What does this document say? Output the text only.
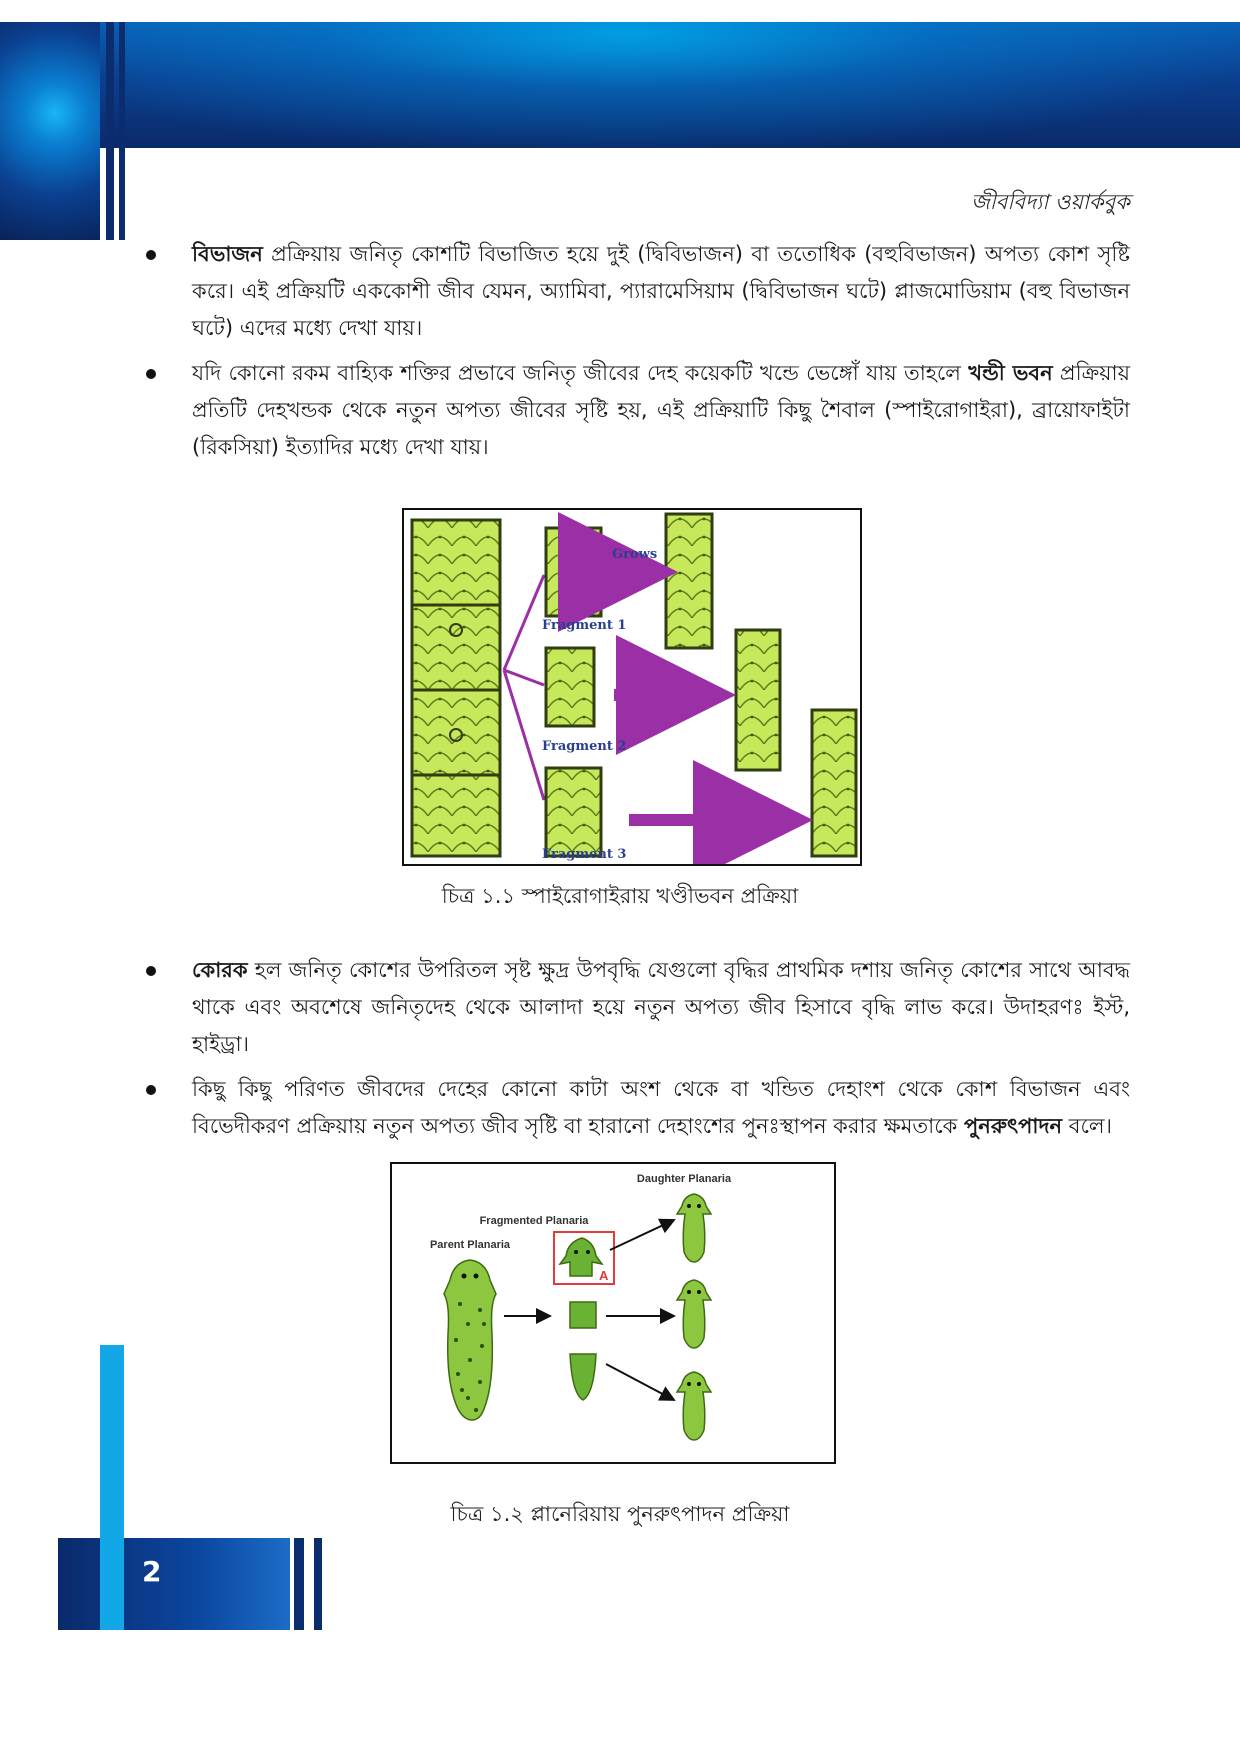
জীববিদ্যা ওয়ার্কবুক
বিভাজন প্রক্রিয়ায় জনিতৃ কোশটি বিভাজিত হয়ে দুই (দ্বিবিভাজন) বা ততোধিক (বহুবিভাজন) অপত্য কোশ সৃষ্টি করে। এই প্রক্রিয়টি এককোশী জীব যেমন, অ্যামিবা, প্যারামেসিয়াম (দ্বিবিভাজন ঘটে) প্লাজমোডিয়াম (বহু বিভাজন ঘটে) এদের মধ্যে দেখা যায়।
যদি কোনো রকম বাহ্যিক শক্তির প্রভাবে জনিতৃ জীবের দেহ কয়েকটি খন্ডে ভেঙ্গোঁ যায় তাহলে খন্ডী ভবন প্রক্রিয়ায় প্রতিটি দেহখন্ডক থেকে নতুন অপত্য জীবের সৃষ্টি হয়, এই প্রক্রিয়াটি কিছু শৈবাল (স্পাইরোগাইরা), ব্রায়োফাইটা (রিকসিয়া) ইত্যাদির মধ্যে দেখা যায়।
Grows
Fragment 1
Fragment 2
Fragment 3
চিত্র ১.১ স্পাইরোগাইরায় খণ্ডীভবন প্রক্রিয়া
কোরক হল জনিতৃ কোশের উপরিতল সৃষ্ট ক্ষুদ্র উপবৃদ্ধি যেগুলো বৃদ্ধির প্রাথমিক দশায় জনিতৃ কোশের সাথে আবদ্ধ থাকে এবং অবশেষে জনিতৃদেহ থেকে আলাদা হয়ে নতুন অপত্য জীব হিসাবে বৃদ্ধি লাভ করে। উদাহরণঃ ইস্ট, হাইড্রা।
কিছু কিছু পরিণত জীবদের দেহের কোনো কাটা অংশ থেকে বা খন্ডিত দেহাংশ থেকে কোশ বিভাজন এবং বিভেদীকরণ প্রক্রিয়ায় নতুন অপত্য জীব সৃষ্টি বা হারানো দেহাংশের পুনঃস্থাপন করার ক্ষমতাকে পুনরুৎপাদন বলে।
Daughter Planaria
Fragmented Planaria
Parent Planaria
A
চিত্র ১.২ প্লানেরিয়ায় পুনরুৎপাদন প্রক্রিয়া
2
